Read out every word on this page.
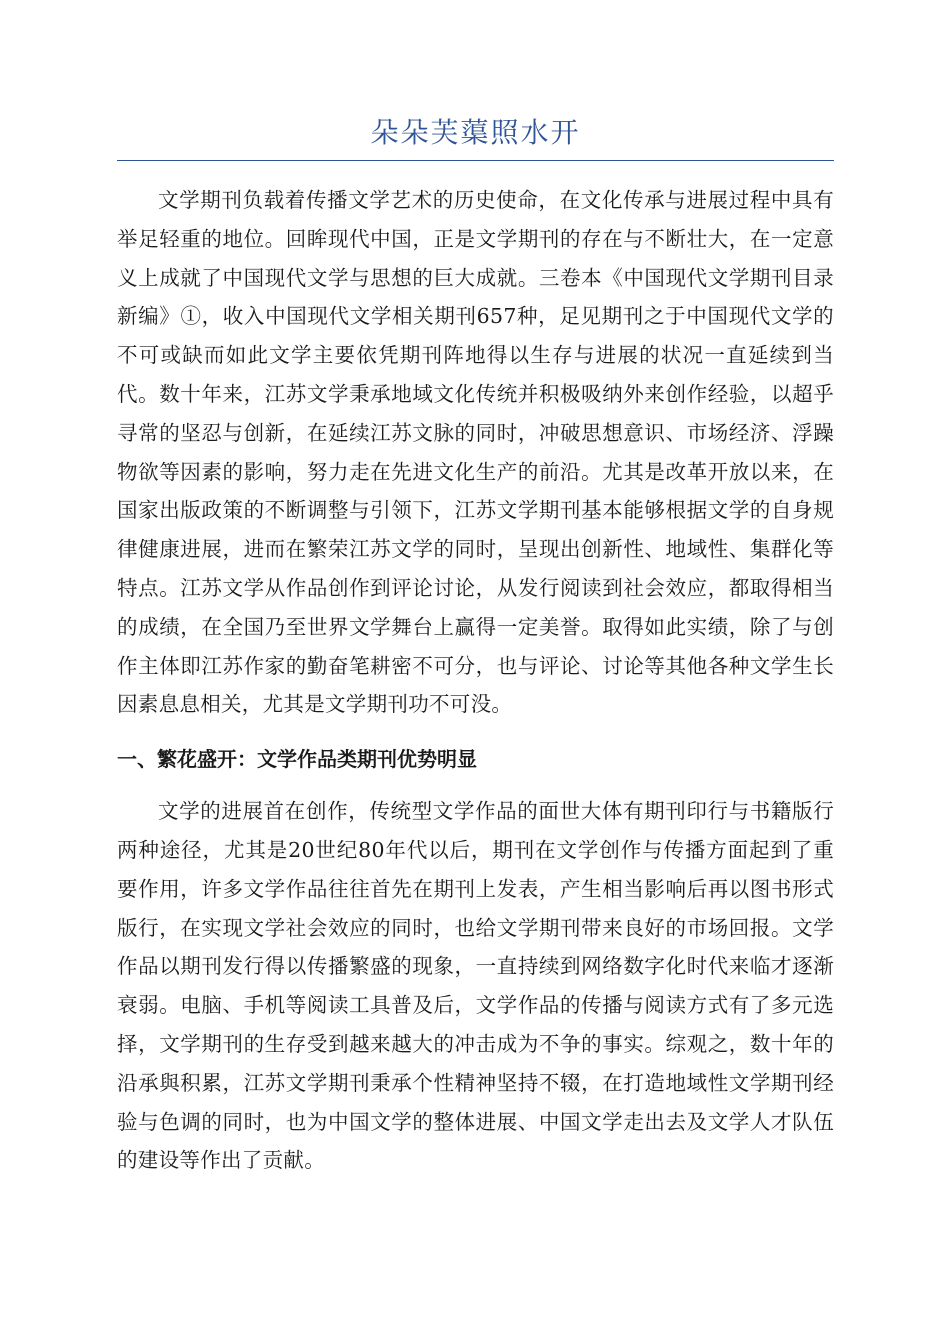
朵朵芙蕖照水开

文学期刊负载着传播文学艺术的历史使命，在文化传承与进展过程中具有举足轻重的地位。回眸现代中国，正是文学期刊的存在与不断壮大，在一定意义上成就了中国现代文学与思想的巨大成就。三卷本《中国现代文学期刊目录新编》①，收入中国现代文学相关期刊657种，足见期刊之于中国现代文学的不可或缺而如此文学主要依凭期刊阵地得以生存与进展的状况一直延续到当代。数十年来，江苏文学秉承地域文化传统并积极吸纳外来创作经验，以超乎寻常的坚忍与创新，在延续江苏文脉的同时，冲破思想意识、市场经济、浮躁物欲等因素的影响，努力走在先进文化生产的前沿。尤其是改革开放以来，在国家出版政策的不断调整与引领下，江苏文学期刊基本能够根据文学的自身规律健康进展，进而在繁荣江苏文学的同时，呈现出创新性、地域性、集群化等特点。江苏文学从作品创作到评论讨论，从发行阅读到社会效应，都取得相当的成绩，在全国乃至世界文学舞台上赢得一定美誉。取得如此实绩，除了与创作主体即江苏作家的勤奋笔耕密不可分，也与评论、讨论等其他各种文学生长因素息息相关，尤其是文学期刊功不可没。

一、繁花盛开：文学作品类期刊优势明显

文学的进展首在创作，传统型文学作品的面世大体有期刊印行与书籍版行两种途径，尤其是20世纪80年代以后，期刊在文学创作与传播方面起到了重要作用，许多文学作品往往首先在期刊上发表，产生相当影响后再以图书形式版行，在实现文学社会效应的同时，也给文学期刊带来良好的市场回报。文学作品以期刊发行得以传播繁盛的现象，一直持续到网络数字化时代来临才逐渐衰弱。电脑、手机等阅读工具普及后，文学作品的传播与阅读方式有了多元选择，文学期刊的生存受到越来越大的冲击成为不争的事实。综观之，数十年的沿承與积累，江苏文学期刊秉承个性精神坚持不辍，在打造地域性文学期刊经验与色调的同时，也为中国文学的整体进展、中国文学走出去及文学人才队伍的建设等作出了贡献。
